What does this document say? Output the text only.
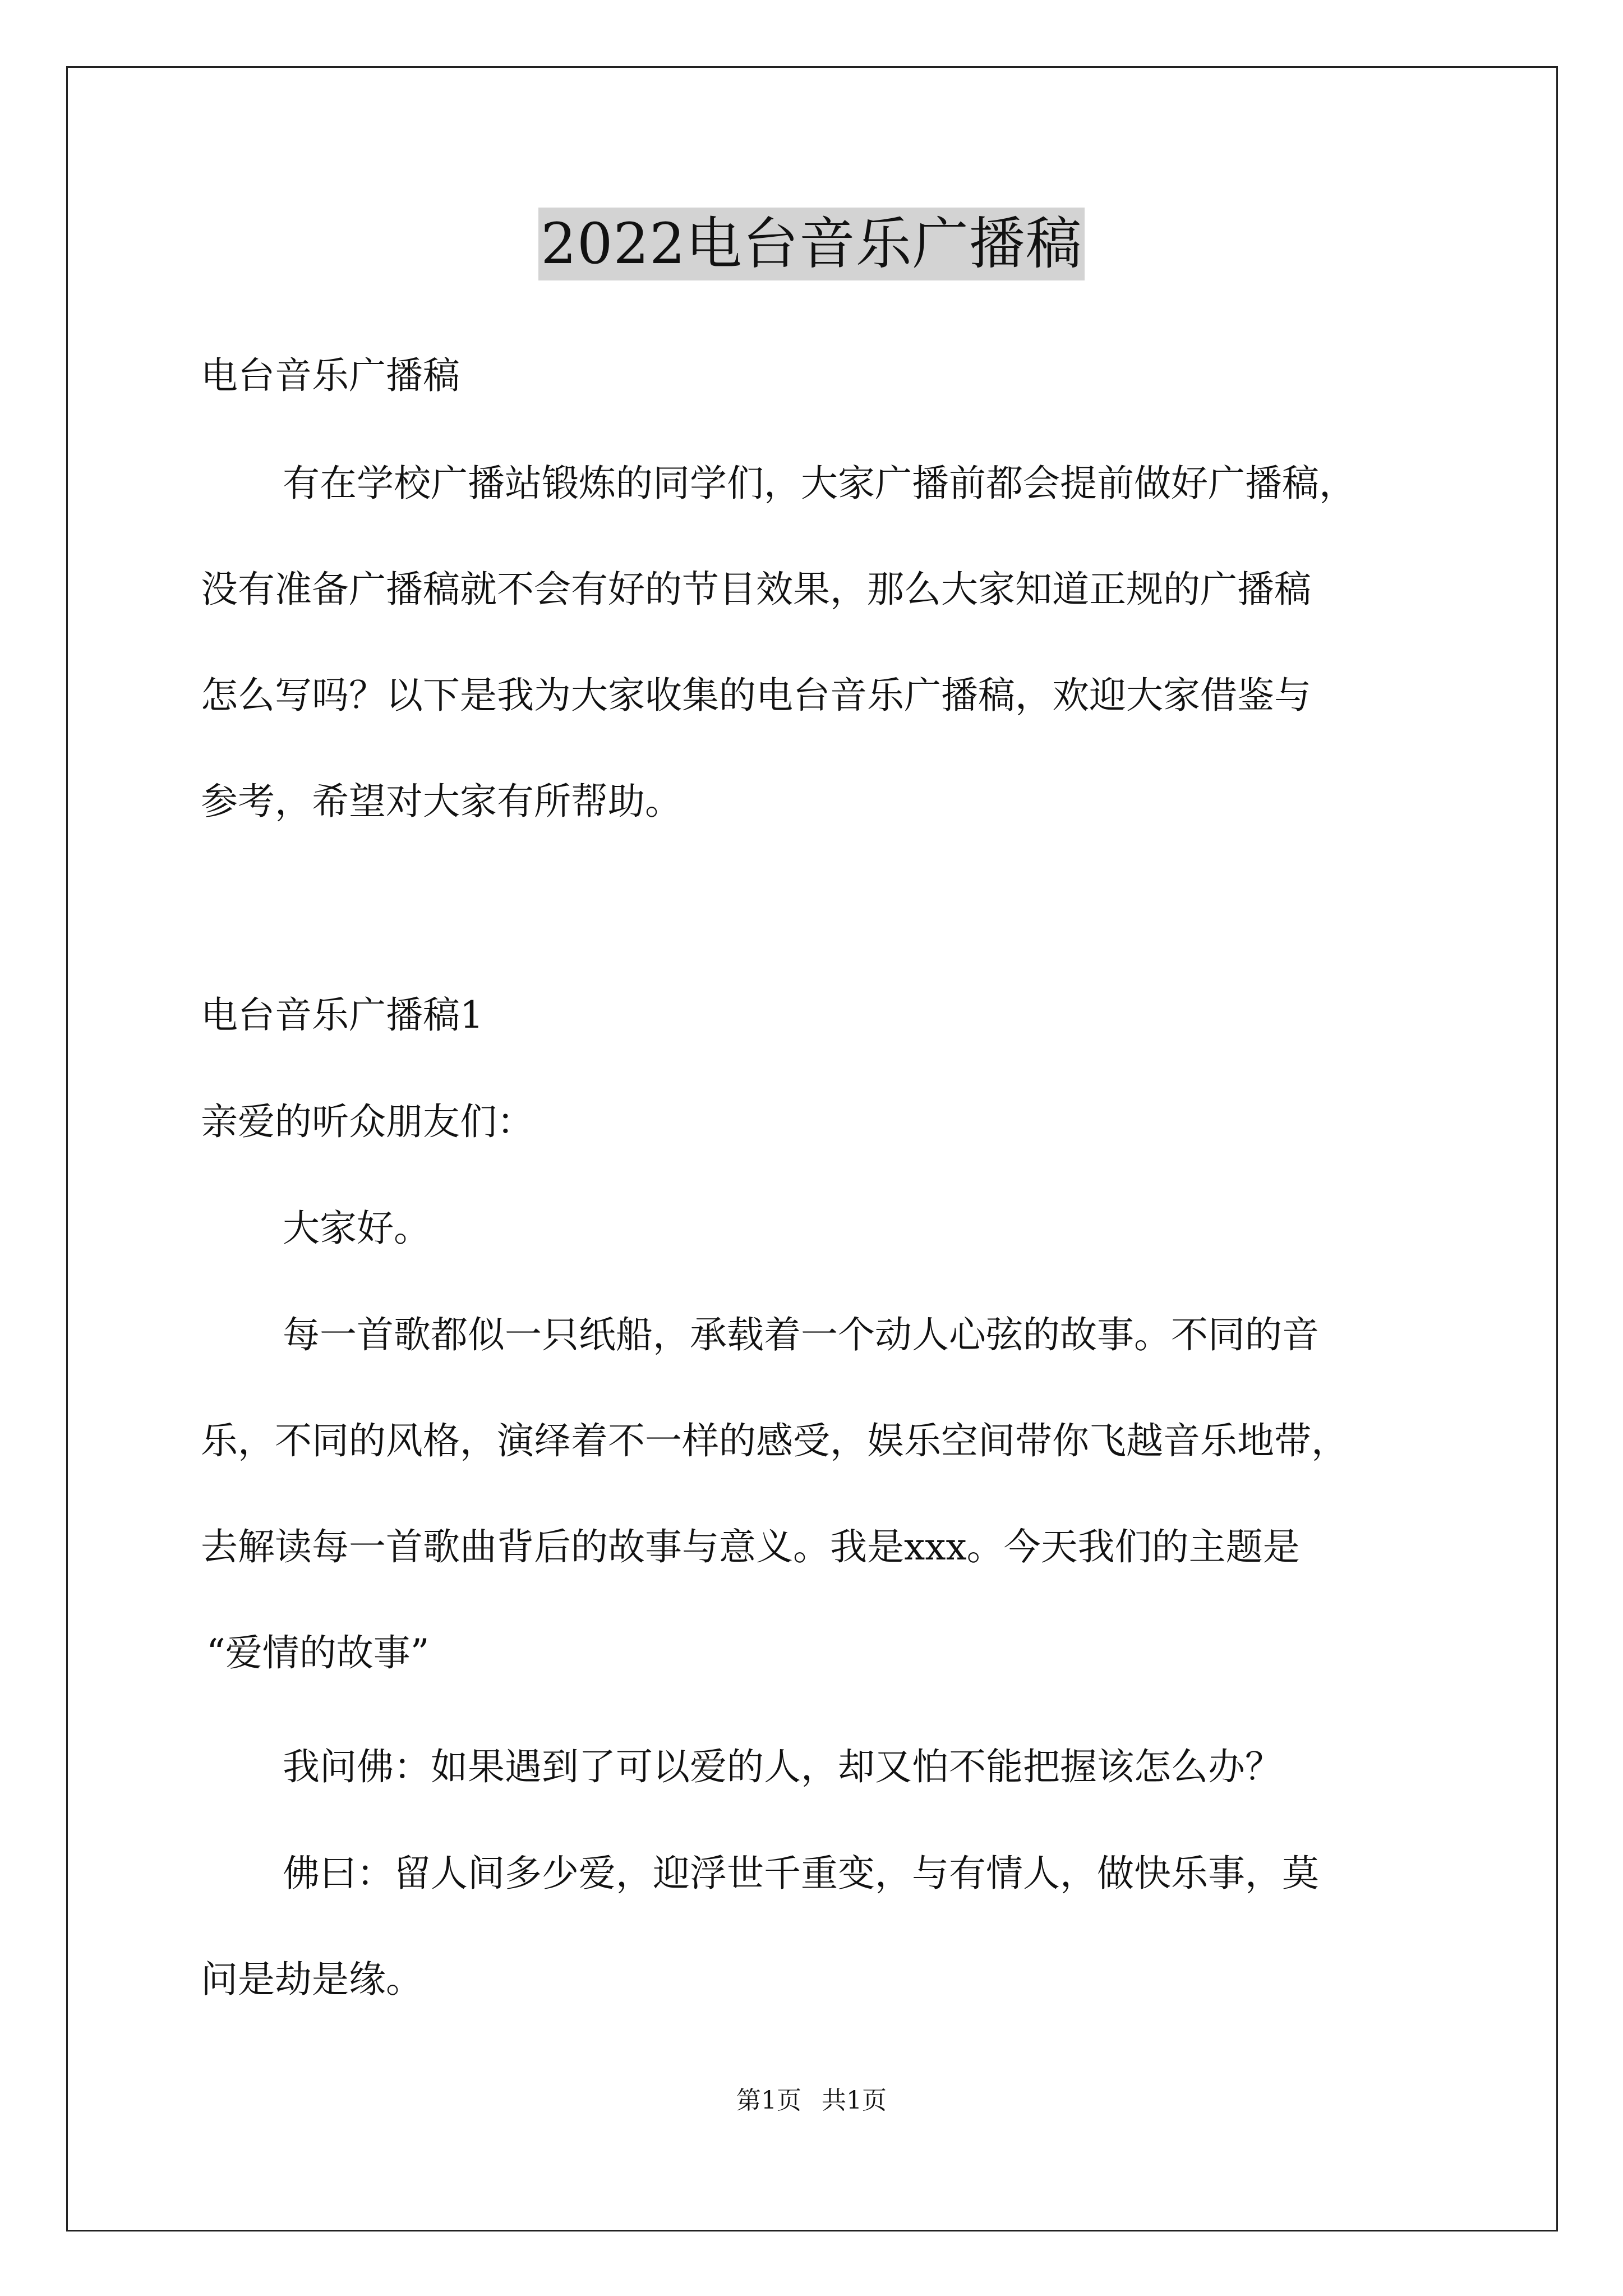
2022电台音乐广播稿
电台音乐广播稿
有在学校广播站锻炼的同学们，大家广播前都会提前做好广播稿，
没有准备广播稿就不会有好的节目效果，那么大家知道正规的广播稿
怎么写吗？以下是我为大家收集的电台音乐广播稿，欢迎大家借鉴与
参考，希望对大家有所帮助。
电台音乐广播稿1
亲爱的听众朋友们：
大家好。
每一首歌都似一只纸船，承载着一个动人心弦的故事。不同的音
乐，不同的风格，演绎着不一样的感受，娱乐空间带你飞越音乐地带，
去解读每一首歌曲背后的故事与意义。我是xxx。今天我们的主题是
“爱情的故事”
我问佛：如果遇到了可以爱的人，却又怕不能把握该怎么办？
佛曰：留人间多少爱，迎浮世千重变，与有情人，做快乐事，莫
问是劫是缘。
第1页 共1页
